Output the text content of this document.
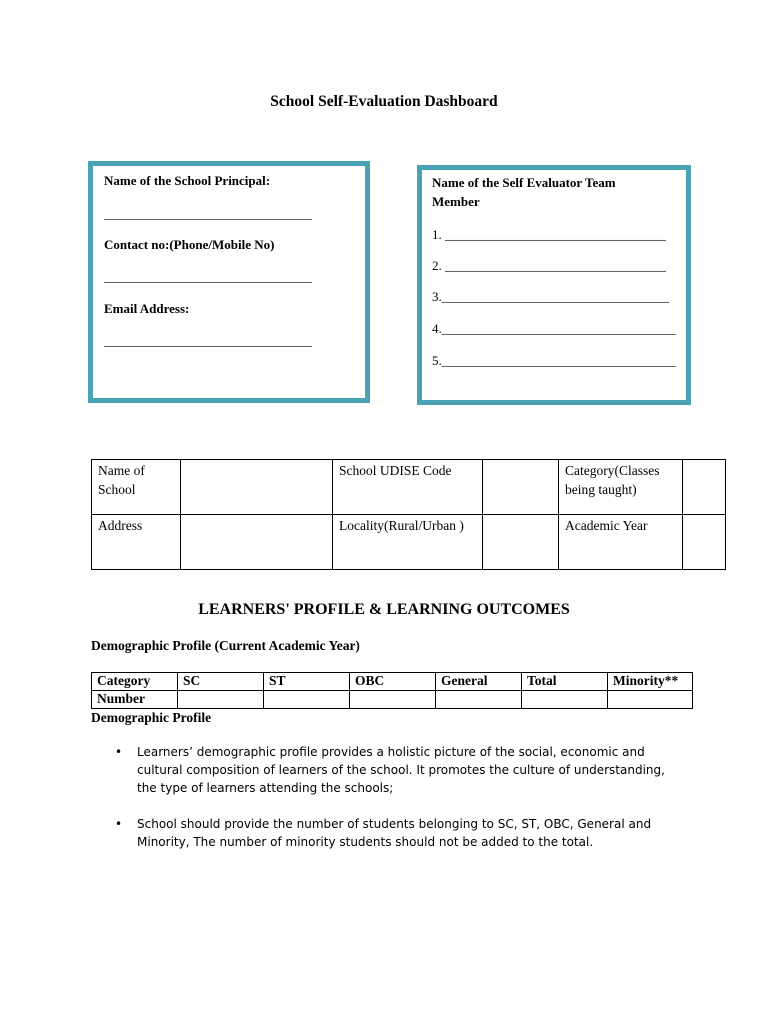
School Self-Evaluation Dashboard
Name of the School Principal:
________________________________
Contact no:(Phone/Mobile No)
________________________________
Email Address:
________________________________
Name of the Self Evaluator Team
Member
1. __________________________________
2. __________________________________
3.___________________________________
4.____________________________________
5.____________________________________
Name of School		School UDISE Code		Category(Classes being taught)	
Address		Locality(Rural/Urban )		Academic Year	
LEARNERS' PROFILE & LEARNING OUTCOMES
Demographic Profile (Current Academic Year)
Category	SC	ST	OBC	General	Total	Minority**
Number						
Demographic Profile
• Learners’ demographic profile provides a holistic picture of the social, economic and cultural composition of learners of the school. It promotes the culture of understanding, the type of learners attending the schools;
• School should provide the number of students belonging to SC, ST, OBC, General and Minority, The number of minority students should not be added to the total.
